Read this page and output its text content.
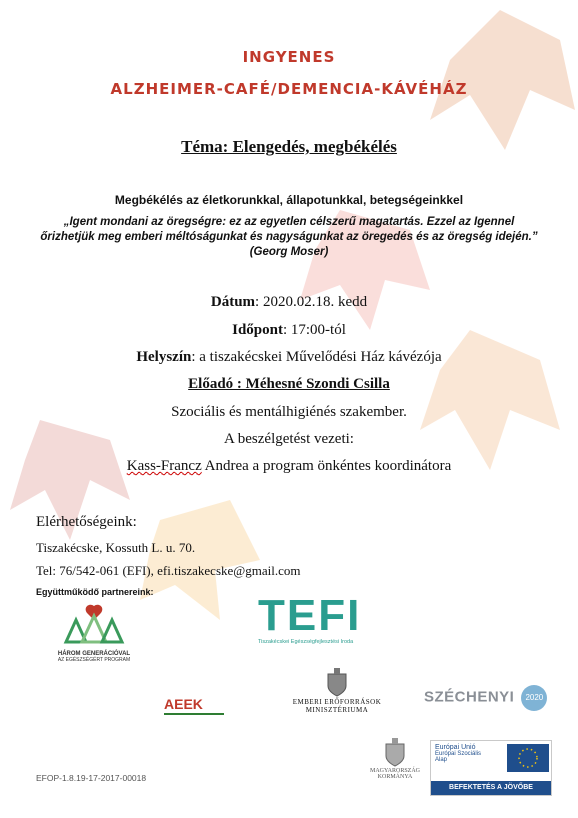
INGYENES
ALZHEIMER-CAFÉ/DEMENCIA-KÁVÉHÁZ
Téma: Elengedés, megbékélés
Megbékélés az életkorunkkal, állapotunkkal, betegségeinkkel
„Igent mondani az öregségre: ez az egyetlen célszerű magatartás. Ezzel az Igennel
őrizhetjük meg emberi méltóságunkat és nagyságunkat az öregedés és az öregség idején.”
(Georg Moser)
Dátum: 2020.02.18. kedd
Időpont: 17:00-tól
Helyszín: a tiszakécskei Művelődési Ház kávézója
Előadó : Méhesné Szondi Csilla
Szociális és mentálhigiénés szakember.
A beszélgetést vezeti:
Kass-Francz Andrea a program önkéntes koordinátora
Elérhetőségeink:
Tiszakécske, Kossuth L. u. 70.
Tel: 76/542-061 (EFI), efi.tiszakecske@gmail.com
Együttműködő partnereink:
HÁROM GENERÁCIÓVAL
AZ EGÉSZSÉGÉRT PROGRAM
TEFI
Tiszakécskei Egészségfejlesztési Iroda
AEEK	EMBERI ERŐFORRÁSOK
MINISZTÉRIUMA
SZÉCHENYI 2020
MAGYARORSZÁG
KORMÁNYA
Európai Unió
Európai Szociális
Alap
BEFEKTETÉS A JÖVŐBE
EFOP-1.8.19-17-2017-00018
